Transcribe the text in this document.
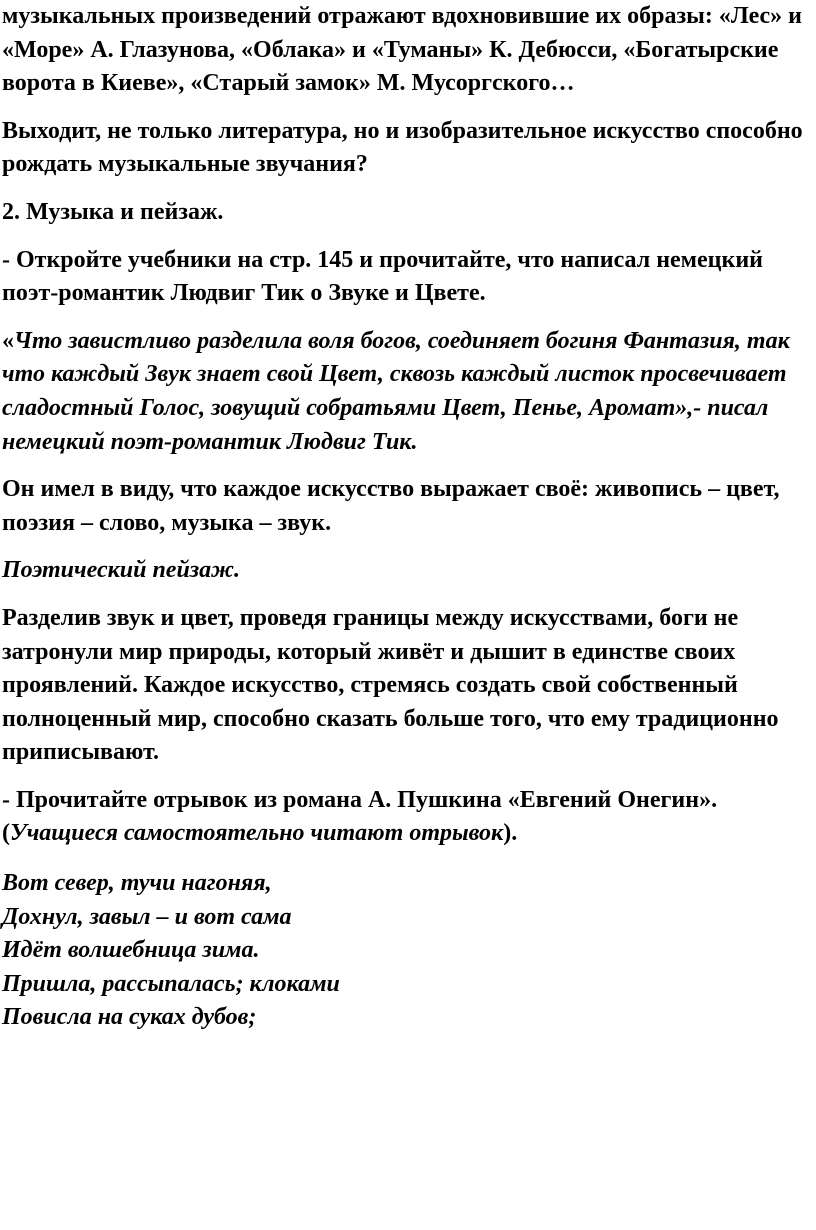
музыкальных произведений отражают вдохновившие их образы: «Лес» и «Море» А. Глазунова, «Облака» и «Туманы» К. Дебюсси, «Богатырские ворота в Киеве», «Старый замок» М. Мусоргского…

Выходит, не только литература, но и изобразительное искусство способно рождать музыкальные звучания?

2. Музыка и пейзаж.

- Откройте учебники на стр. 145 и прочитайте, что написал немецкий поэт-романтик Людвиг Тик о Звуке и Цвете.

«Что завистливо разделила воля богов, соединяет богиня Фантазия, так что каждый Звук знает свой Цвет, сквозь каждый листок просвечивает сладостный Голос, зовущий собратьями Цвет, Пенье, Аромат»,- писал немецкий поэт-романтик Людвиг Тик.

Он имел в виду, что каждое искусство выражает своё: живопись – цвет, поэзия – слово, музыка – звук.

Поэтический пейзаж.

Разделив звук и цвет, проведя границы между искусствами, боги не затронули мир природы, который живёт и дышит в единстве своих проявлений. Каждое искусство, стремясь создать свой собственный полноценный мир, способно сказать больше того, что ему традиционно приписывают.

- Прочитайте отрывок из романа А. Пушкина «Евгений Онегин». (Учащиеся самостоятельно читают отрывок).

Вот север, тучи нагоняя,
Дохнул, завыл – и вот сама
Идёт волшебница зима.
Пришла, рассыпалась; клоками
Повисла на суках дубов;
